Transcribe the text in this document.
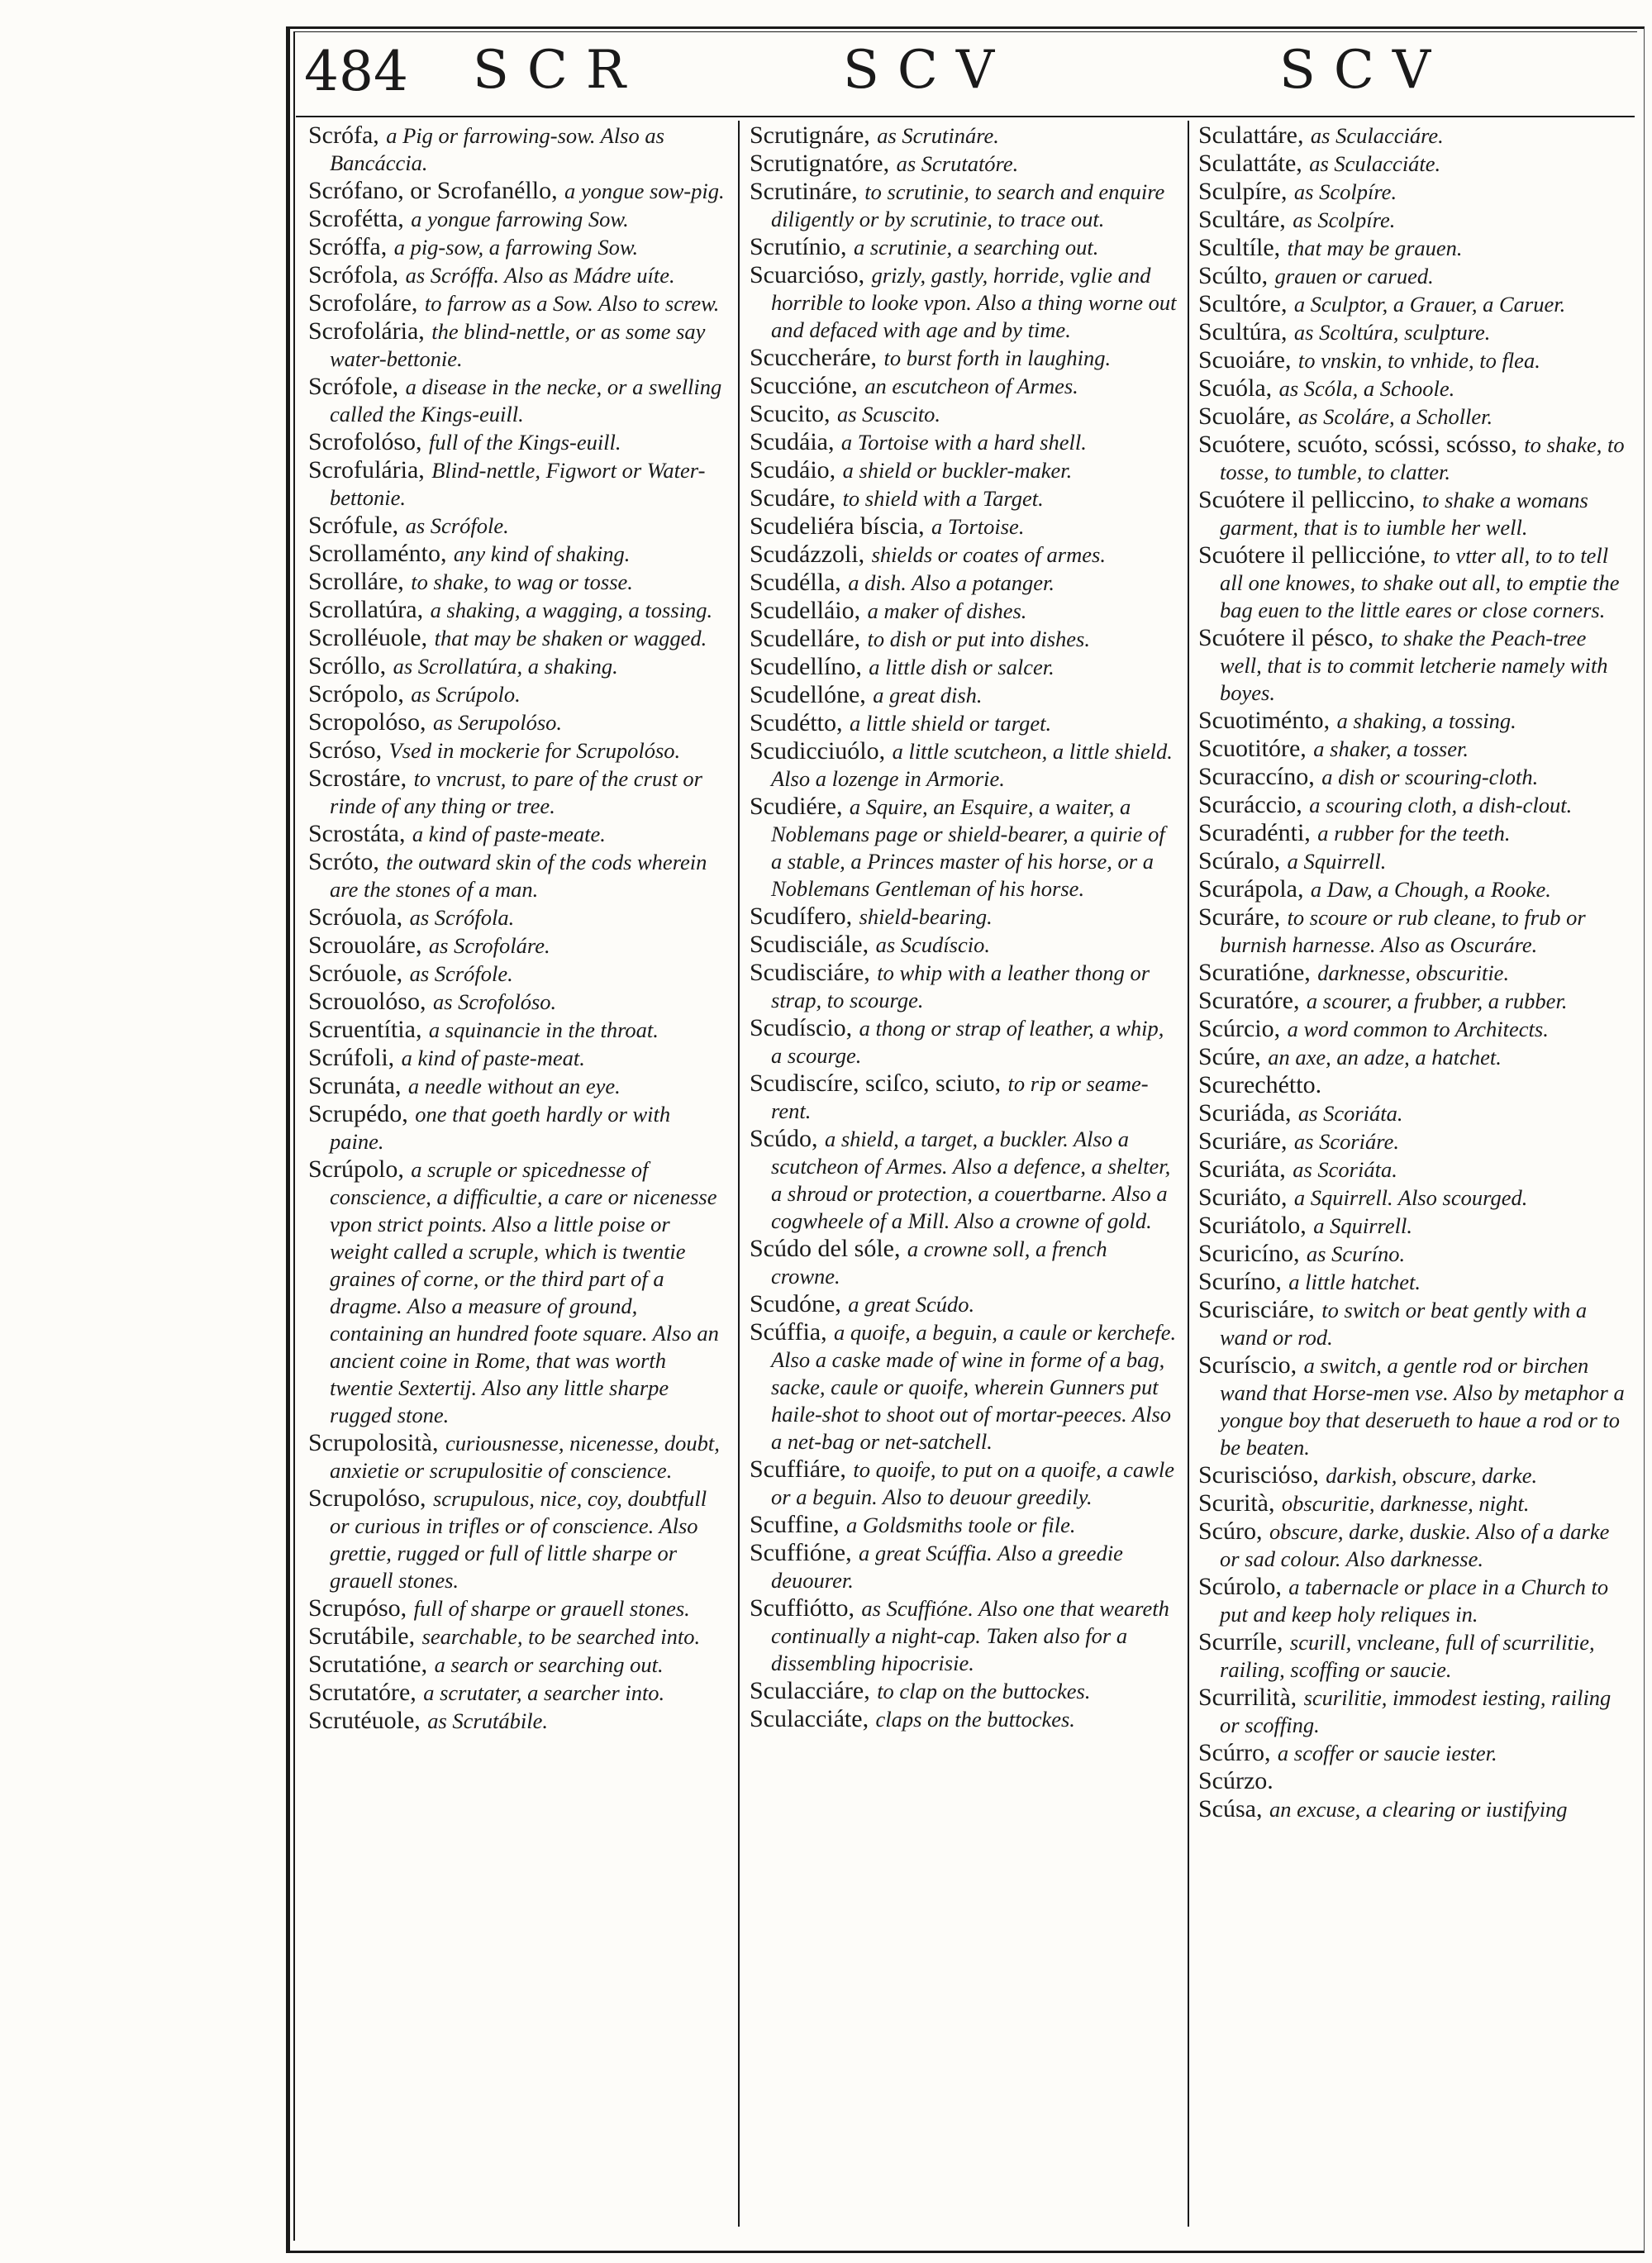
484 SCR	SCV	SCV
Scrófa, a Pig or farrowing-sow. Also as Bancáccia.
Scrófano, or Scrofanéllo, a yongue sow-pig.
Scrofétta, a yongue farrowing Sow.
Scróffa, a pig-sow, a farrowing Sow.
Scrófola, as Scróffa. Also as Mádre uíte.
Scrofoláre, to farrow as a Sow. Also to screw.
Scrofolária, the blind-nettle, or as some say water-bettonie.
Scrófole, a disease in the necke, or a swelling called the Kings-euill.
Scrofolóso, full of the Kings-euill.
Scrofulária, Blind-nettle, Figwort or Water-bettonie.
Scrófule, as Scrófole.
Scrollaménto, any kind of shaking.
Scrolláre, to shake, to wag or tosse.
Scrollatúra, a shaking, a wagging, a tossing.
Scrolléuole, that may be shaken or wagged.
Scróllo, as Scrollatúra, a shaking.
Scrópolo, as Scrúpolo.
Scropolóso, as Serupolóso.
Scróso, Vsed in mockerie for Scrupolóso.
Scrostáre, to vncrust, to pare of the crust or rinde of any thing or tree.
Scrostáta, a kind of paste-meate.
Scróto, the outward skin of the cods wherein are the stones of a man.
Scróuola, as Scrófola.
Scrouoláre, as Scrofoláre.
Scróuole, as Scrófole.
Scrouolóso, as Scrofolóso.
Scruentítia, a squinancie in the throat.
Scrúfoli, a kind of paste-meat.
Scrunáta, a needle without an eye.
Scrupédo, one that goeth hardly or with paine.
Scrúpolo, a scruple or spicednesse of conscience, a difficultie, a care or nicenesse vpon strict points. Also a little poise or weight called a scruple, which is twentie graines of corne, or the third part of a dragme. Also a measure of ground, containing an hundred foote square. Also an ancient coine in Rome, that was worth twentie Sextertij. Also any little sharpe rugged stone.
Scrupolosità, curiousnesse, nicenesse, doubt, anxietie or scrupulositie of conscience.
Scrupolóso, scrupulous, nice, coy, doubtfull or curious in trifles or of conscience. Also grettie, rugged or full of little sharpe or grauell stones.
Scrupóso, full of sharpe or grauell stones.
Scrutábile, searchable, to be searched into.
Scrutatióne, a search or searching out.
Scrutatóre, a scrutater, a searcher into.
Scrutéuole, as Scrutábile.
Scrutignáre, as Scrutináre.
Scrutignatóre, as Scrutatóre.
Scrutináre, to scrutinie, to search and enquire diligently or by scrutinie, to trace out.
Scrutínio, a scrutinie, a searching out.
Scuarcióso, grizly, gastly, horride, vglie and horrible to looke vpon. Also a thing worne out and defaced with age and by time.
Scuccheráre, to burst forth in laughing.
Scuccióne, an escutcheon of Armes.
Scucito, as Scuscito.
Scudáia, a Tortoise with a hard shell.
Scudáio, a shield or buckler-maker.
Scudáre, to shield with a Target.
Scudeliéra bíscia, a Tortoise.
Scudázzoli, shields or coates of armes.
Scudélla, a dish. Also a potanger.
Scudelláio, a maker of dishes.
Scudelláre, to dish or put into dishes.
Scudellíno, a little dish or salcer.
Scudellóne, a great dish.
Scudétto, a little shield or target.
Scudicciuólo, a little scutcheon, a little shield. Also a lozenge in Armorie.
Scudiére, a Squire, an Esquire, a waiter, a Noblemans page or shield-bearer, a quirie of a stable, a Princes master of his horse, or a Noblemans Gentleman of his horse.
Scudífero, shield-bearing.
Scudisciále, as Scudíscio.
Scudisciáre, to whip with a leather thong or strap, to scourge.
Scudíscio, a thong or strap of leather, a whip, a scourge.
Scudiscíre, sciſco, sciuto, to rip or seame-rent.
Scúdo, a shield, a target, a buckler. Also a scutcheon of Armes. Also a defence, a shelter, a shroud or protection, a couertbarne. Also a cogwheele of a Mill. Also a crowne of gold.
Scúdo del sóle, a crowne soll, a french crowne.
Scudóne, a great Scúdo.
Scúffia, a quoife, a beguin, a caule or kerchefe. Also a caske made of wine in forme of a bag, sacke, caule or quoife, wherein Gunners put haile-shot to shoot out of mortar-peeces. Also a net-bag or net-satchell.
Scuffiáre, to quoife, to put on a quoife, a cawle or a beguin. Also to deuour greedily.
Scuffine, a Goldsmiths toole or file.
Scuffióne, a great Scúffia. Also a greedie deuourer.
Scuffiótto, as Scuffióne. Also one that weareth continually a night-cap. Taken also for a dissembling hipocrisie.
Sculacciáre, to clap on the buttockes.
Sculacciáte, claps on the buttockes.
Sculattáre, as Sculacciáre.
Sculattáte, as Sculacciáte.
Sculpíre, as Scolpíre.
Scultáre, as Scolpíre.
Scultíle, that may be grauen.
Scúlto, grauen or carued.
Scultóre, a Sculptor, a Grauer, a Caruer.
Scultúra, as Scoltúra, sculpture.
Scuoiáre, to vnskin, to vnhide, to flea.
Scuóla, as Scóla, a Schoole.
Scuoláre, as Scoláre, a Scholler.
Scuótere, scuóto, scóssi, scósso, to shake, to tosse, to tumble, to clatter.
Scuótere il pelliccino, to shake a womans garment, that is to iumble her well.
Scuótere il pellicciόne, to vtter all, to to tell all one knowes, to shake out all, to emptie the bag euen to the little eares or close corners.
Scuótere il pésco, to shake the Peach-tree well, that is to commit letcherie namely with boyes.
Scuotiménto, a shaking, a tossing.
Scuotitóre, a shaker, a tosser.
Scuraccíno, a dish or scouring-cloth.
Scuráccio, a scouring cloth, a dish-clout.
Scuradénti, a rubber for the teeth.
Scúralo, a Squirrell.
Scurápola, a Daw, a Chough, a Rooke.
Scuráre, to scoure or rub cleane, to frub or burnish harnesse. Also as Oscuráre.
Scuratióne, darknesse, obscuritie.
Scuratóre, a scourer, a frubber, a rubber.
Scúrcio, a word common to Architects.
Scúre, an axe, an adze, a hatchet.
Scurechétto.
Scuriáda, as Scoriáta.
Scuriáre, as Scoriáre.
Scuriáta, as Scoriáta.
Scuriáto, a Squirrell. Also scourged.
Scuriátolo, a Squirrell.
Scuricíno, as Scuríno.
Scuríno, a little hatchet.
Scurisciáre, to switch or beat gently with a wand or rod.
Scuríscio, a switch, a gentle rod or birchen wand that Horse-men vse. Also by metaphor a yongue boy that deserueth to haue a rod or to be beaten.
Scurisciόso, darkish, obscure, darke.
Scurità, obscuritie, darknesse, night.
Scúro, obscure, darke, duskie. Also of a darke or sad colour. Also darknesse.
Scúrolo, a tabernacle or place in a Church to put and keep holy reliques in.
Scurríle, scurill, vncleane, full of scurrilitie, railing, scoffing or saucie.
Scurrilità, scurilitie, immodest iesting, railing or scoffing.
Scúrro, a scoffer or saucie iester.
Scúrzo.
Scúsa, an excuse, a clearing or iustifying
